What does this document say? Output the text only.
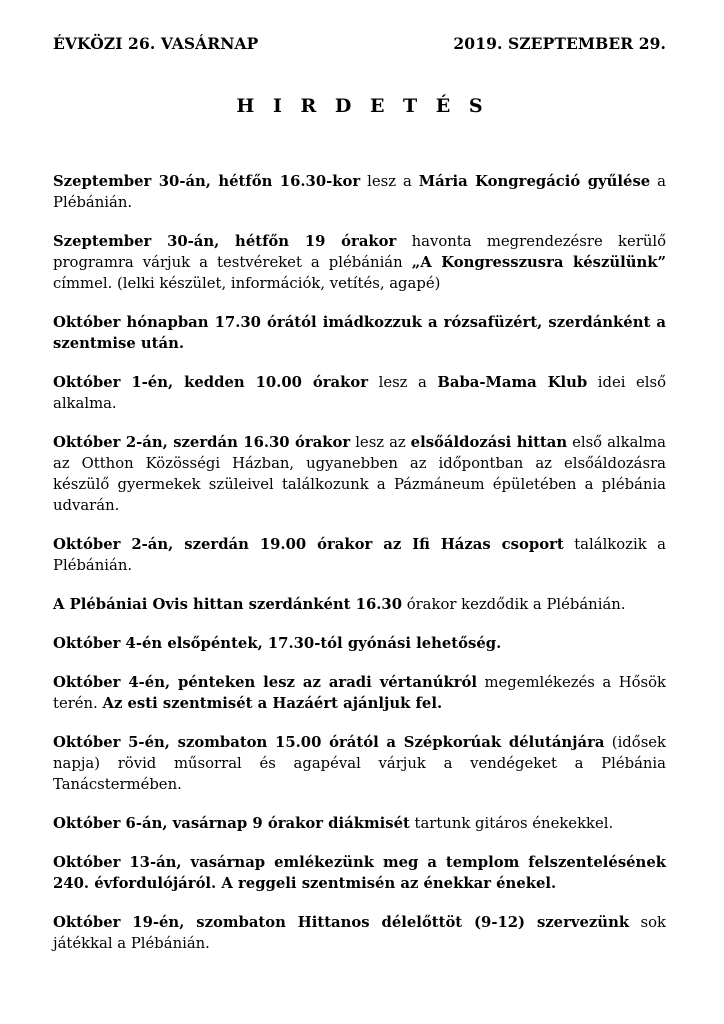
ÉVKÖZI 26. VASÁRNAP	2019. SZEPTEMBER 29.
H I R D E T É S

Szeptember 30-án, hétfőn 16.30-kor lesz a Mária Kongregáció gyűlése a Plébánián.

Szeptember 30-án, hétfőn 19 órakor havonta megrendezésre kerülő programra várjuk a testvéreket a plébánián „A Kongresszusra készülünk” címmel. (lelki készület, információk, vetítés, agapé)

Október hónapban 17.30 órától imádkozzuk a rózsafüzért, szerdánként a szentmise után.

Október 1-én, kedden 10.00 órakor lesz a Baba-Mama Klub idei első alkalma.

Október 2-án, szerdán 16.30 órakor lesz az elsőáldozási hittan első alkalma az Otthon Közösségi Házban, ugyanebben az időpontban az elsőáldozásra készülő gyermekek szüleivel találkozunk a Pázmáneum épületében a plébánia udvarán.

Október 2-án, szerdán 19.00 órakor az Ifi Házas csoport találkozik a Plébánián.

A Plébániai Ovis hittan szerdánként 16.30 órakor kezdődik a Plébánián.

Október 4-én elsőpéntek, 17.30-tól gyónási lehetőség.

Október 4-én, pénteken lesz az aradi vértanúkról megemlékezés a Hősök terén. Az esti szentmisét a Hazáért ajánljuk fel.

Október 5-én, szombaton 15.00 órától a Szépkorúak délutánjára (idősek napja) rövid műsorral és agapéval várjuk a vendégeket a Plébánia Tanácstermében.

Október 6-án, vasárnap 9 órakor diákmisét tartunk gitáros énekekkel.

Október 13-án, vasárnap emlékezünk meg a templom felszentelésének 240. évfordulójáról. A reggeli szentmisén az énekkar énekel.

Október 19-én, szombaton Hittanos délelőttöt (9-12) szervezünk sok játékkal a Plébánián.
